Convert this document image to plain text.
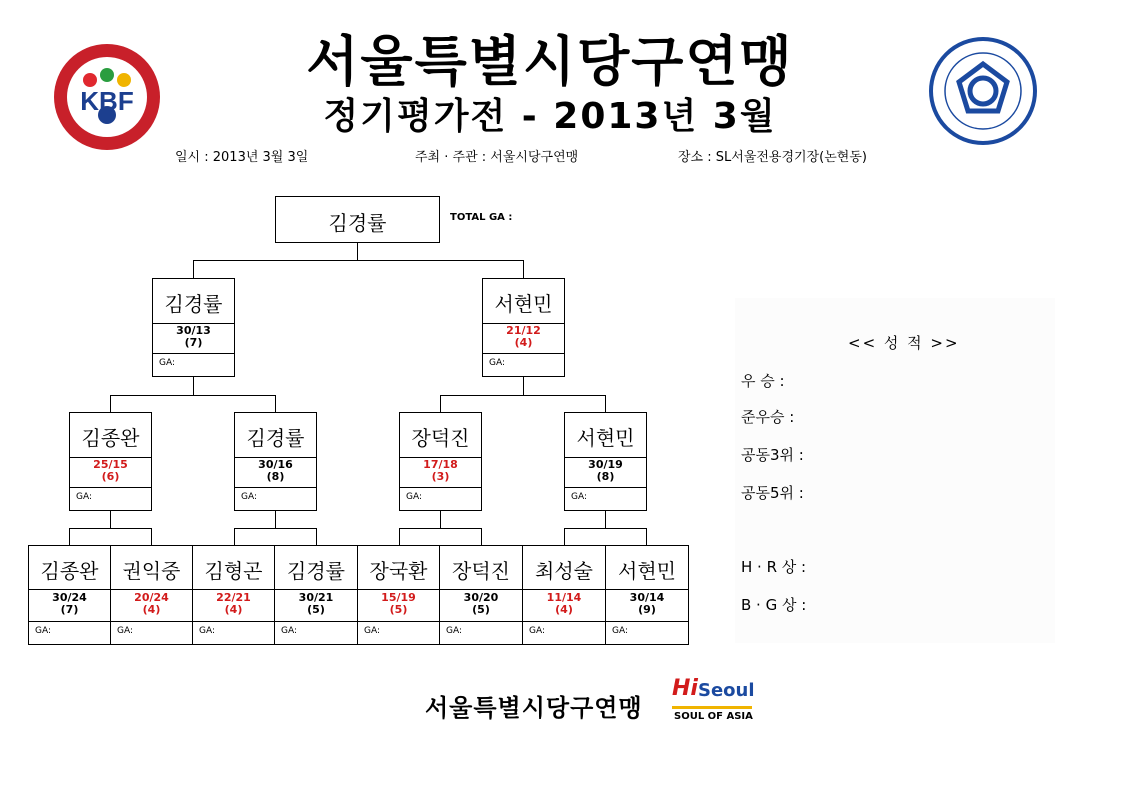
KBF
서울특별시당구연맹
정기평가전 - 2013년 3월
일시 : 2013년 3월 3일	주최 · 주관 : 서울시당구연맹	장소 : SL서울전용경기장(논현동)
김경률	TOTAL GA :
김경률
30/13
(7)
GA:
서현민
21/12
(4)
GA:
김종완
25/15
(6)
GA:
김경률
30/16
(8)
GA:
장덕진
17/18
(3)
GA:
서현민
30/19
(8)
GA:
김종완
30/24
(7)
GA:
권익중
20/24
(4)
GA:
김형곤
22/21
(4)
GA:
김경률
30/21
(5)
GA:
장국환
15/19
(5)
GA:
장덕진
30/20
(5)
GA:
최성술
11/14
(4)
GA:
서현민
30/14
(9)
GA:
<< 성 적 >>
우 승 :
준우승 :
공동3위 :
공동5위 :
H · R 상 :
B · G 상 :
서울특별시당구연맹
Hi Seoul
SOUL OF ASIA
